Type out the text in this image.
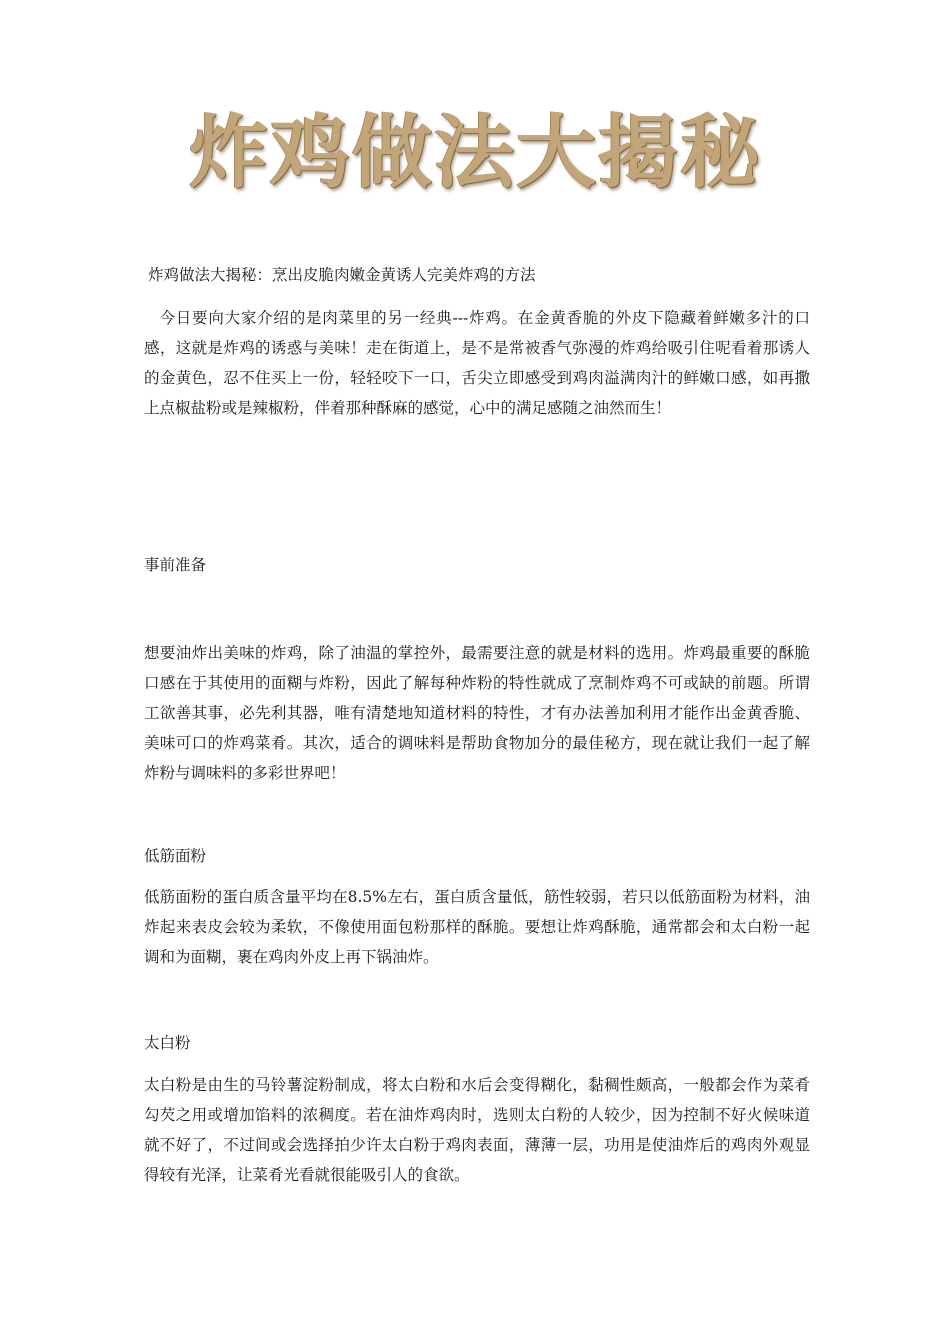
炸鸡做法大揭秘

炸鸡做法大揭秘：烹出皮脆肉嫩金黄诱人完美炸鸡的方法

今日要向大家介绍的是肉菜里的另一经典---炸鸡。在金黄香脆的外皮下隐藏着鲜嫩多汁的口感，这就是炸鸡的诱惑与美味！走在街道上，是不是常被香气弥漫的炸鸡给吸引住呢看着那诱人的金黄色，忍不住买上一份，轻轻咬下一口，舌尖立即感受到鸡肉溢满肉汁的鲜嫩口感，如再撒上点椒盐粉或是辣椒粉，伴着那种酥麻的感觉，心中的满足感随之油然而生！

事前准备

想要油炸出美味的炸鸡，除了油温的掌控外，最需要注意的就是材料的选用。炸鸡最重要的酥脆口感在于其使用的面糊与炸粉，因此了解每种炸粉的特性就成了烹制炸鸡不可或缺的前题。所谓工欲善其事，必先利其器，唯有清楚地知道材料的特性，才有办法善加利用才能作出金黄香脆、美味可口的炸鸡菜肴。其次，适合的调味料是帮助食物加分的最佳秘方，现在就让我们一起了解炸粉与调味料的多彩世界吧！

低筋面粉

低筋面粉的蛋白质含量平均在8.5%左右，蛋白质含量低，筋性较弱，若只以低筋面粉为材料，油炸起来表皮会较为柔软，不像使用面包粉那样的酥脆。要想让炸鸡酥脆，通常都会和太白粉一起调和为面糊，裹在鸡肉外皮上再下锅油炸。

太白粉

太白粉是由生的马铃薯淀粉制成，将太白粉和水后会变得糊化，黏稠性颇高，一般都会作为菜肴勾芡之用或增加馅料的浓稠度。若在油炸鸡肉时，选则太白粉的人较少，因为控制不好火候味道就不好了，不过间或会选择拍少许太白粉于鸡肉表面，薄薄一层，功用是使油炸后的鸡肉外观显得较有光泽，让菜肴光看就很能吸引人的食欲。
